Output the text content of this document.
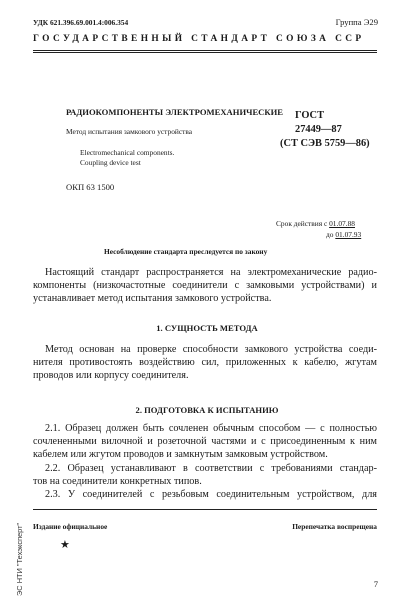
УДК 621.396.69.001.4:006.354	Группа Э29
ГОСУДАРСТВЕННЫЙ СТАНДАРТ СОЮЗА ССР
РАДИОКОМПОНЕНТЫ ЭЛЕКТРОМЕХАНИЧЕСКИЕ
Метод испытания замкового устройства
Electromechanical components.
Coupling device test
ГОСТ
27449—87
(СТ СЭВ 5759—86)
ОКП 63 1500
Срок действия с 01.07.88
до 01.07.93
Несоблюдение стандарта преследуется по закону
Настоящий стандарт распространяется на электромеханические радио-
компоненты (низкочастотные соединители с замковыми устройствами) и
устанавливает метод испытания замкового устройства.
1. СУЩНОСТЬ МЕТОДА
Метод основан на проверке способности замкового устройства соеди-
нителя противостоять воздействию сил, приложенных к кабелю, жгутам
проводов или корпусу соединителя.
2. ПОДГОТОВКА К ИСПЫТАНИЮ
2.1. Образец должен быть сочленен обычным способом — с полностью
сочлененными вилочной и розеточной частями и с присоединенным к ним
кабелем или жгутом проводов и замкнутым замковым устройством.
2.2. Образец устанавливают в соответствии с требованиями стандар-
тов на соединители конкретных типов.
2.3. У соединителей с резьбовым соединительным устройством, для
ЭС НТИ "Техэксперт" Издание официальное	Перепечатка воспрещена
★
7
